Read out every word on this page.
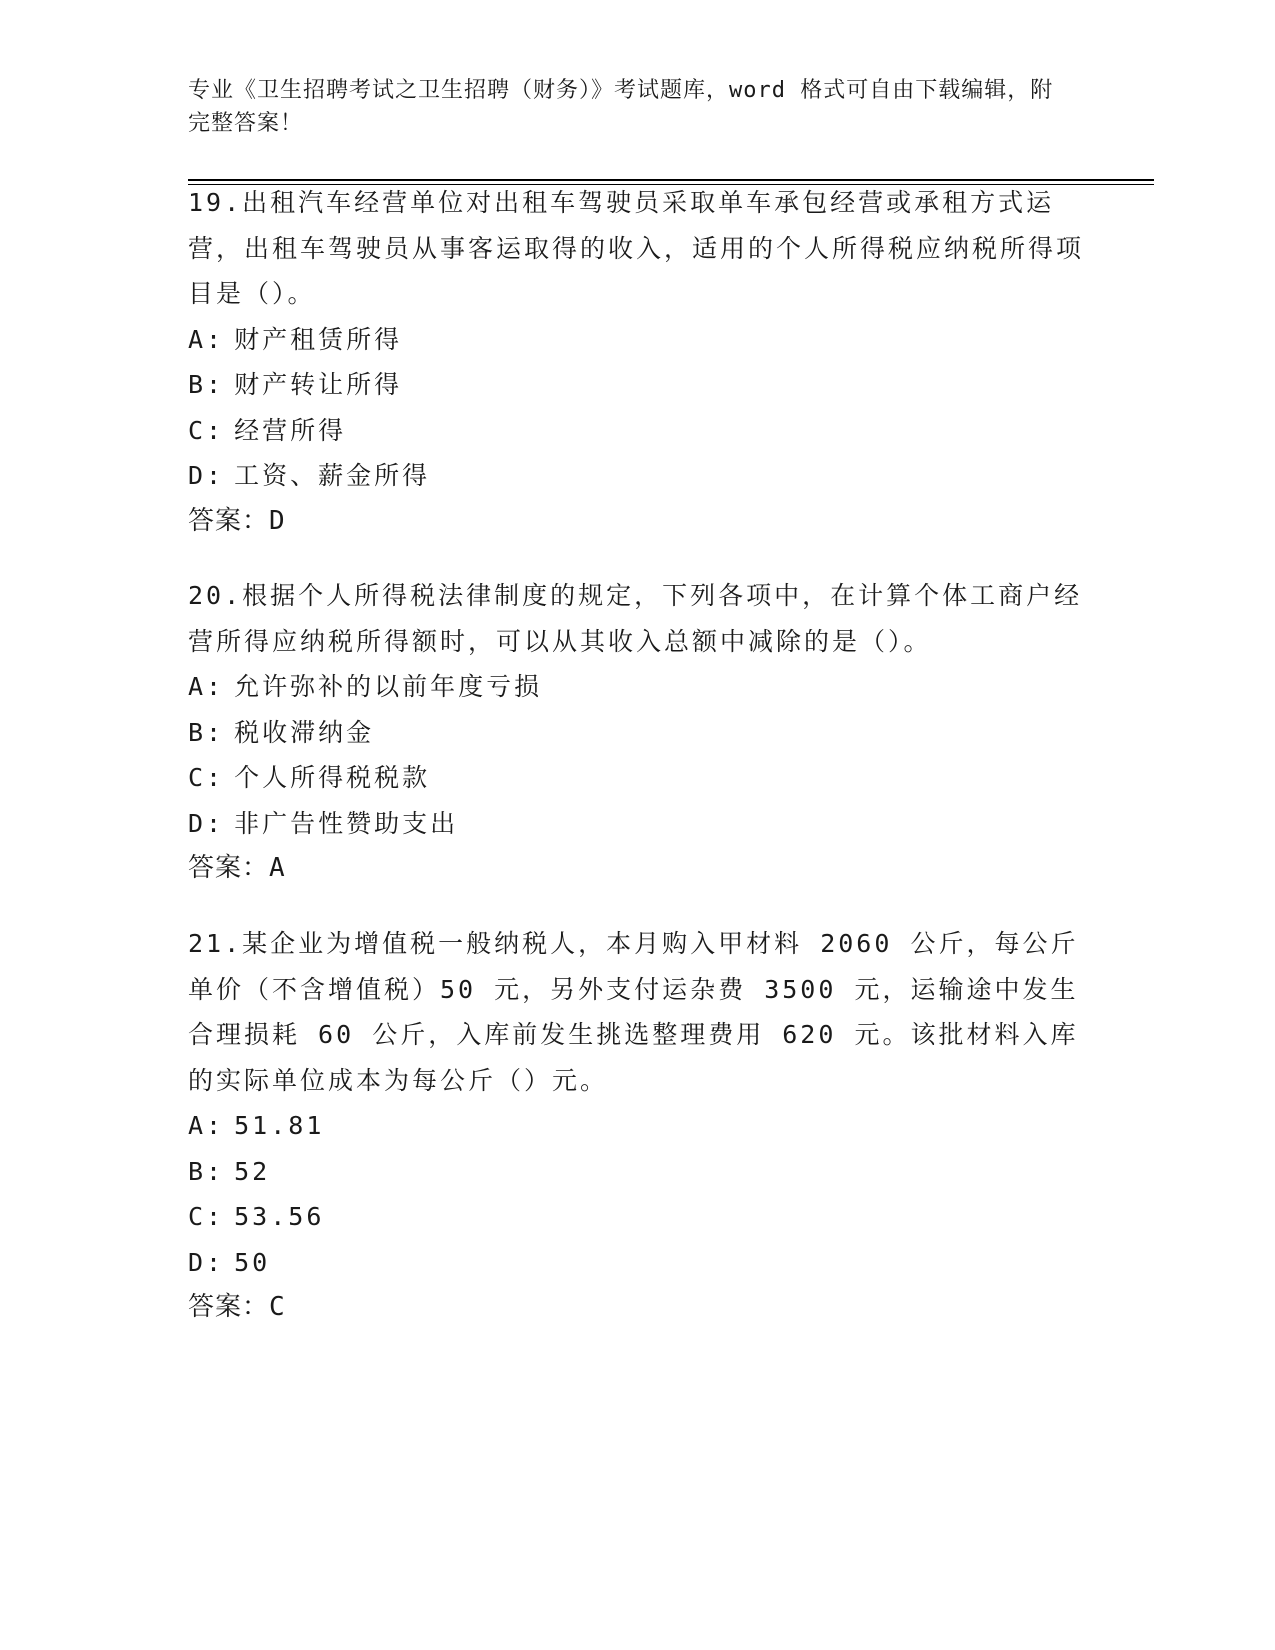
专业《卫生招聘考试之卫生招聘（财务）》考试题库，word 格式可自由下载编辑，附完整答案！

19.出租汽车经营单位对出租车驾驶员采取单车承包经营或承租方式运营，出租车驾驶员从事客运取得的收入，适用的个人所得税应纳税所得项目是（）。

A: 财产租赁所得

B: 财产转让所得

C: 经营所得

D: 工资、薪金所得

答案：D

20.根据个人所得税法律制度的规定，下列各项中，在计算个体工商户经营所得应纳税所得额时，可以从其收入总额中减除的是（）。

A: 允许弥补的以前年度亏损

B: 税收滞纳金

C: 个人所得税税款

D: 非广告性赞助支出

答案：A

21.某企业为增值税一般纳税人，本月购入甲材料 2060 公斤，每公斤单价（不含增值税）50 元，另外支付运杂费 3500 元，运输途中发生合理损耗 60 公斤，入库前发生挑选整理费用 620 元。该批材料入库的实际单位成本为每公斤（）元。

A: 51.81

B: 52

C: 53.56

D: 50

答案：C
